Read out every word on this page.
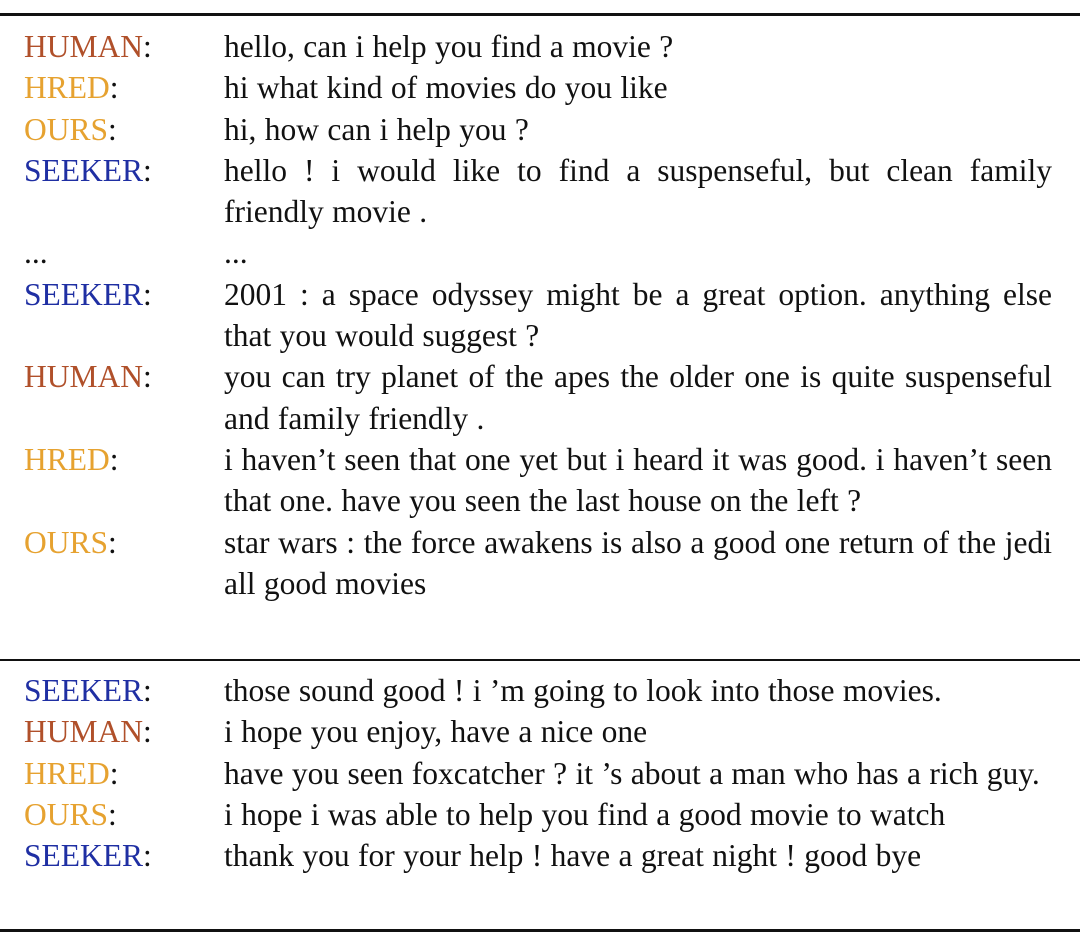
HUMAN:	hello, can i help you find a movie ?
HRED:	hi what kind of movies do you like
OURS:	hi, how can i help you ?
SEEKER:	hello ! i would like to find a suspenseful, but clean family friendly movie .
...	...
SEEKER:	2001 : a space odyssey might be a great option. anything else that you would suggest ?
HUMAN:	you can try planet of the apes the older one is quite suspenseful and family friendly .
HRED:	i haven’t seen that one yet but i heard it was good. i haven’t seen that one. have you seen the last house on the left ?
OURS:	star wars : the force awakens is also a good one return of the jedi all good movies
SEEKER:	those sound good ! i ’m going to look into those movies.
HUMAN:	i hope you enjoy, have a nice one
HRED:	have you seen foxcatcher ? it ’s about a man who has a rich guy.
OURS:	i hope i was able to help you find a good movie to watch
SEEKER:	thank you for your help ! have a great night ! good bye
